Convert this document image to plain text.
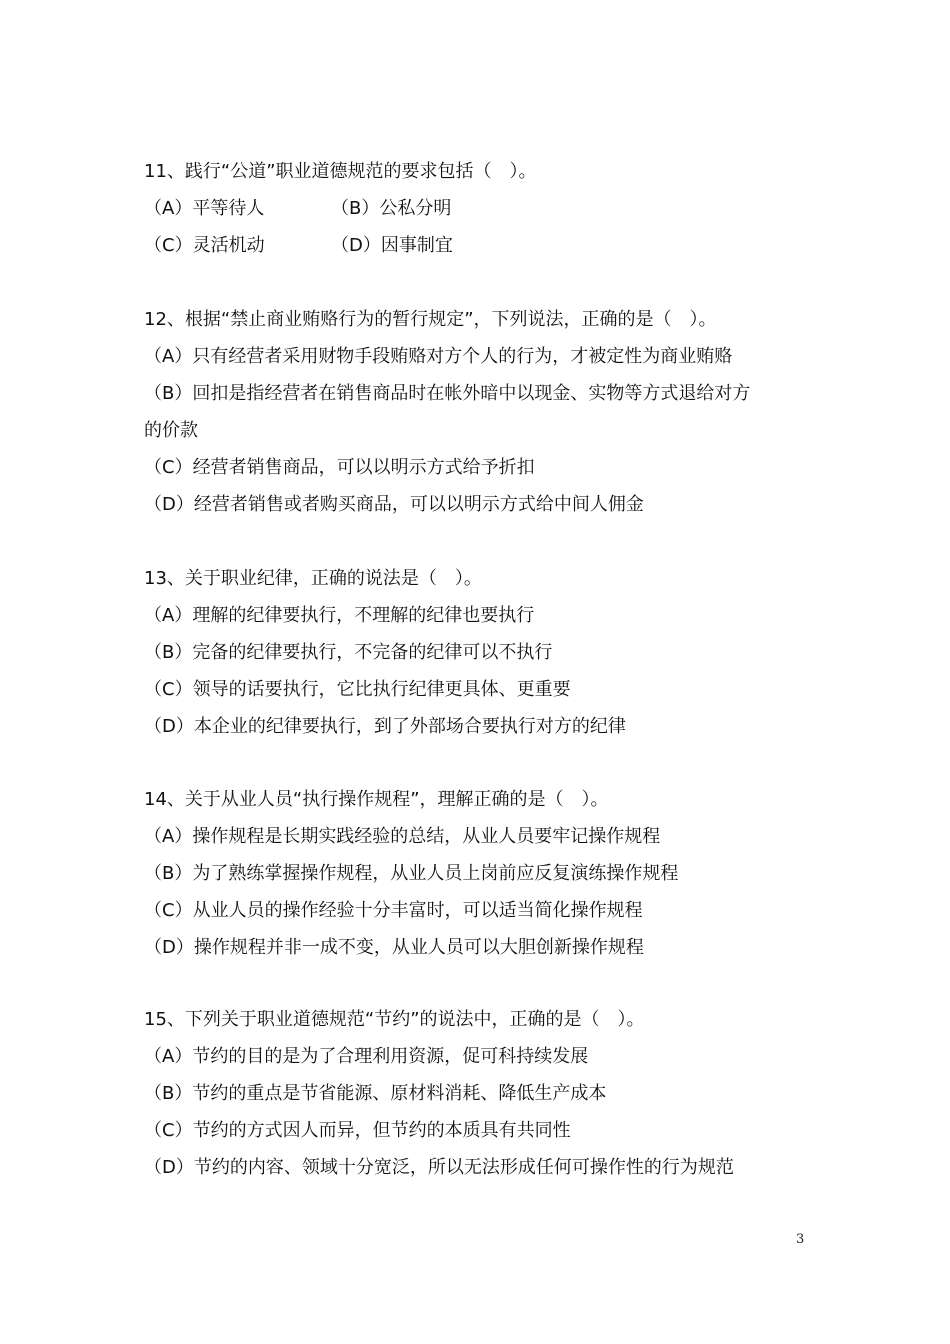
11、践行“公道”职业道德规范的要求包括（　）。
（A）平等待人	（B）公私分明
（C）灵活机动	（D）因事制宜
12、根据“禁止商业贿赂行为的暂行规定”，下列说法，正确的是（　）。
（A）只有经营者采用财物手段贿赂对方个人的行为，才被定性为商业贿赂
（B）回扣是指经营者在销售商品时在帐外暗中以现金、实物等方式退给对方
的价款
（C）经营者销售商品，可以以明示方式给予折扣
（D）经营者销售或者购买商品，可以以明示方式给中间人佣金
13、关于职业纪律，正确的说法是（　）。
（A）理解的纪律要执行，不理解的纪律也要执行
（B）完备的纪律要执行，不完备的纪律可以不执行
（C）领导的话要执行，它比执行纪律更具体、更重要
（D）本企业的纪律要执行，到了外部场合要执行对方的纪律
14、关于从业人员“执行操作规程”，理解正确的是（　）。
（A）操作规程是长期实践经验的总结，从业人员要牢记操作规程
（B）为了熟练掌握操作规程，从业人员上岗前应反复演练操作规程
（C）从业人员的操作经验十分丰富时，可以适当简化操作规程
（D）操作规程并非一成不变，从业人员可以大胆创新操作规程
15、下列关于职业道德规范“节约”的说法中，正确的是（　）。
（A）节约的目的是为了合理利用资源，促可科持续发展
（B）节约的重点是节省能源、原材料消耗、降低生产成本
（C）节约的方式因人而异，但节约的本质具有共同性
（D）节约的内容、领域十分宽泛，所以无法形成任何可操作性的行为规范
3
